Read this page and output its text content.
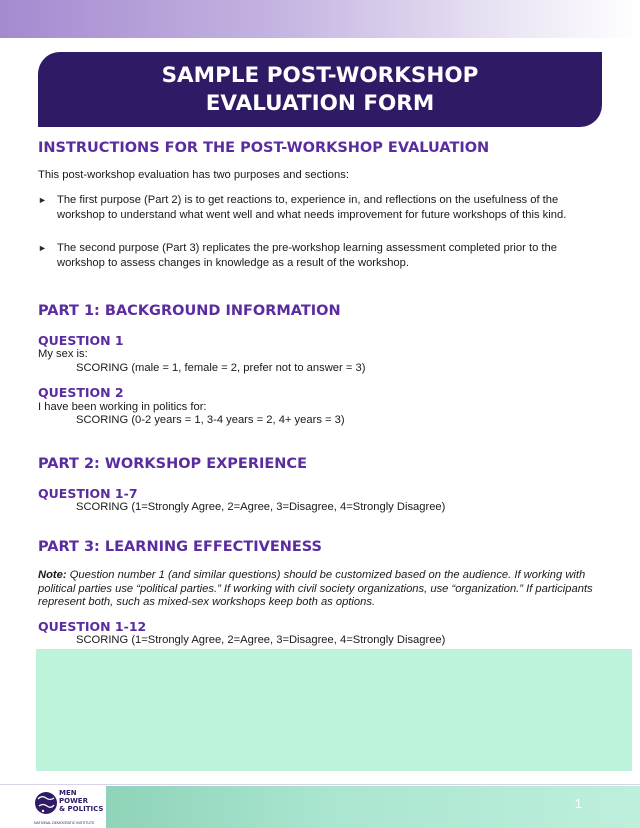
SAMPLE POST-WORKSHOP
EVALUATION FORM
INSTRUCTIONS FOR THE POST-WORKSHOP EVALUATION

This post-workshop evaluation has two purposes and sections:

► The first purpose (Part 2) is to get reactions to, experience in, and reflections on the usefulness of the workshop to understand what went well and what needs improvement for future workshops of this kind.
► The second purpose (Part 3) replicates the pre-workshop learning assessment completed prior to the workshop to assess changes in knowledge as a result of the workshop.
PART 1: BACKGROUND INFORMATION
QUESTION 1

My sex is:

SCORING (male = 1, female = 2, prefer not to answer = 3)

QUESTION 2

I have been working in politics for:

SCORING (0-2 years = 1, 3-4 years = 2, 4+ years = 3)

PART 2: WORKSHOP EXPERIENCE
QUESTION 1-7

SCORING (1=Strongly Agree, 2=Agree, 3=Disagree, 4=Strongly Disagree)

PART 3: LEARNING EFFECTIVENESS
Note: Question number 1 (and similar questions) should be customized based on the audience. If working with political parties use “political parties.” If working with civil society organizations, use “organization.” If participants represent both, such as mixed-sex workshops keep both as options.
QUESTION 1-12

SCORING (1=Strongly Agree, 2=Agree, 3=Disagree, 4=Strongly Disagree)

MEN
POWER
& POLITICS
NATIONAL DEMOCRATIC INSTITUTE
1
